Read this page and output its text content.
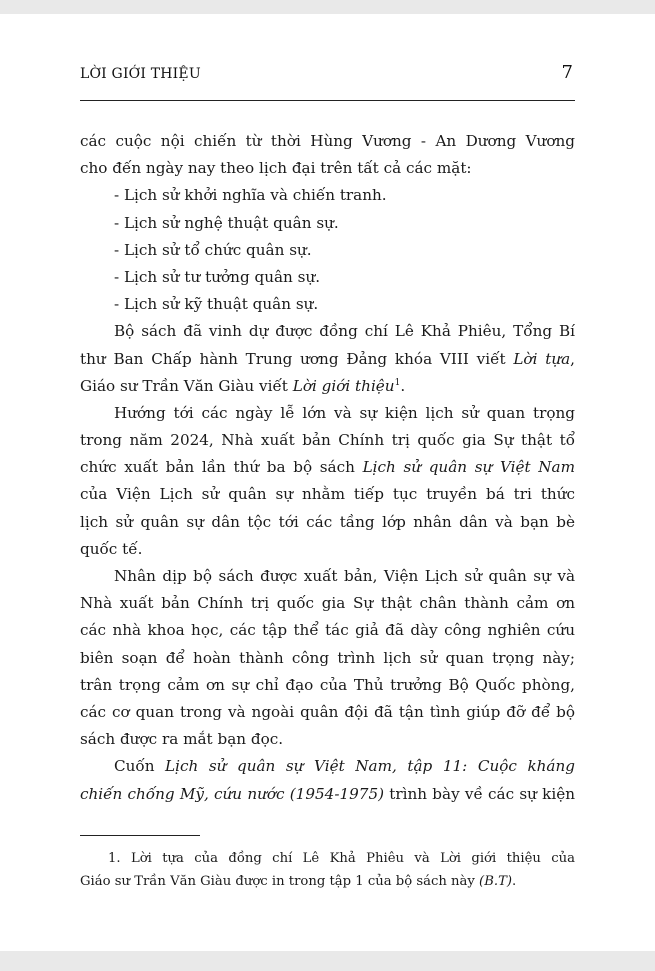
LỜI GIỚI THIỆU	7
các cuộc nội chiến từ thời Hùng Vương - An Dương Vương
cho đến ngày nay theo lịch đại trên tất cả các mặt:
- Lịch sử khởi nghĩa và chiến tranh.
- Lịch sử nghệ thuật quân sự.
- Lịch sử tổ chức quân sự.
- Lịch sử tư tưởng quân sự.
- Lịch sử kỹ thuật quân sự.
Bộ sách đã vinh dự được đồng chí Lê Khả Phiêu, Tổng Bí
thư Ban Chấp hành Trung ương Đảng khóa VIII viết Lời tựa,
Giáo sư Trần Văn Giàu viết Lời giới thiệu$^1$.
Hướng tới các ngày lễ lớn và sự kiện lịch sử quan trọng
trong năm 2024, Nhà xuất bản Chính trị quốc gia Sự thật tổ
chức xuất bản lần thứ ba bộ sách Lịch sử quân sự Việt Nam
của Viện Lịch sử quân sự nhằm tiếp tục truyền bá tri thức
lịch sử quân sự dân tộc tới các tầng lớp nhân dân và bạn bè
quốc tế.
Nhân dịp bộ sách được xuất bản, Viện Lịch sử quân sự và
Nhà xuất bản Chính trị quốc gia Sự thật chân thành cảm ơn
các nhà khoa học, các tập thể tác giả đã dày công nghiên cứu
biên soạn để hoàn thành công trình lịch sử quan trọng này;
trân trọng cảm ơn sự chỉ đạo của Thủ trưởng Bộ Quốc phòng,
các cơ quan trong và ngoài quân đội đã tận tình giúp đỡ để bộ
sách được ra mắt bạn đọc.
Cuốn Lịch sử quân sự Việt Nam, tập 11: Cuộc kháng
chiến chống Mỹ, cứu nước (1954-1975) trình bày về các sự kiện
1. Lời tựa của đồng chí Lê Khả Phiêu và Lời giới thiệu của
Giáo sư Trần Văn Giàu được in trong tập 1 của bộ sách này (B.T).
